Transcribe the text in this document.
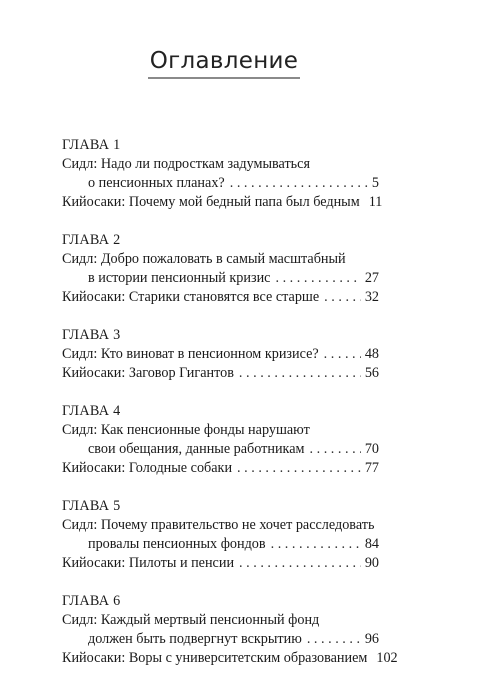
Оглавление
ГЛАВА 1
Сидл: Надо ли подросткам задумываться
о пенсионных планах? . . .	5
Кийосаки: Почему мой бедный папа был бедным 11
ГЛАВА 2
Сидл: Добро пожаловать в самый масштабный
в истории пенсионный кризис . . .	27
Кийосаки: Старики становятся все старше . . .	32
ГЛАВА 3
Сидл: Кто виноват в пенсионном кризисе? . . .	48
Кийосаки: Заговор Гигантов . . .	56
ГЛАВА 4
Сидл: Как пенсионные фонды нарушают
свои обещания, данные работникам . . .	70
Кийосаки: Голодные собаки . . .	77
ГЛАВА 5
Сидл: Почему правительство не хочет расследовать
провалы пенсионных фондов . . .	84
Кийосаки: Пилоты и пенсии . . .	90
ГЛАВА 6
Сидл: Каждый мертвый пенсионный фонд
должен быть подвергнут вскрытию . . .	96
Кийосаки: Воры с университетским образованием 102
